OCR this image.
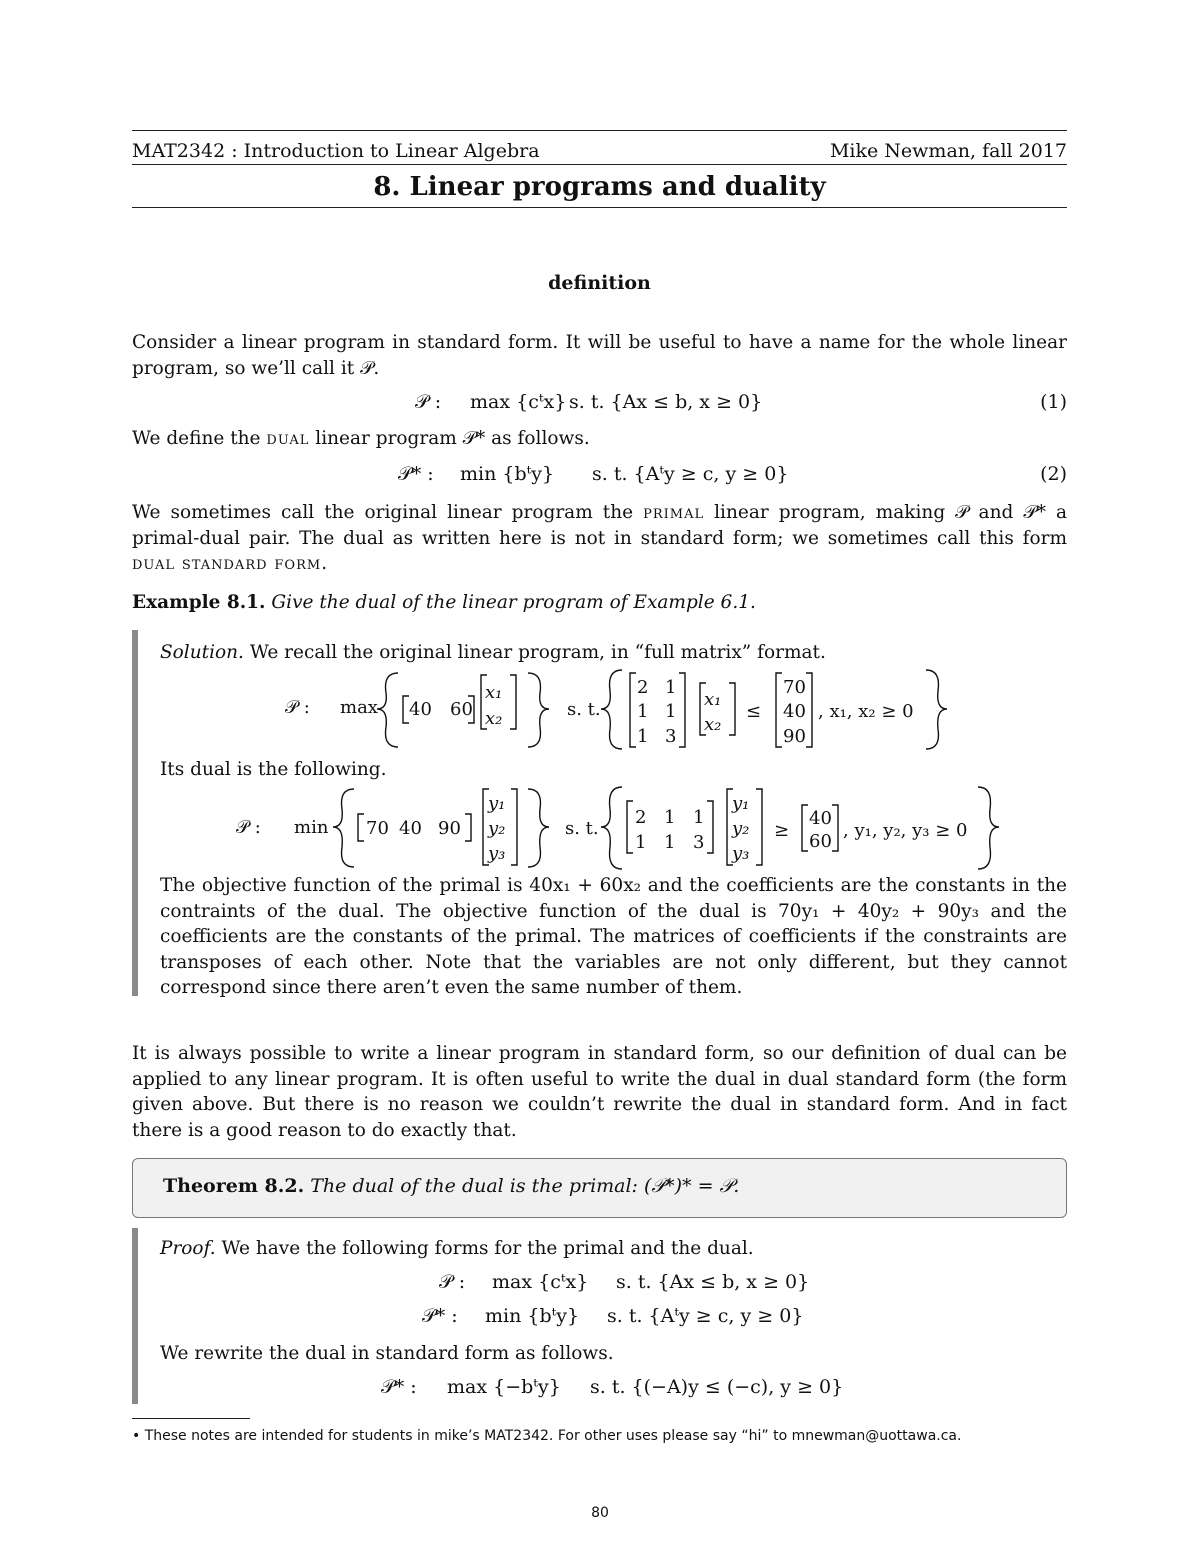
MAT2342 : Introduction to Linear Algebra	Mike Newman, fall 2017
8. Linear programs and duality
definition

Consider a linear program in standard form. It will be useful to have a name for the whole linear program, so we’ll call it 𝒫.

𝒫 : max {cᵗx} s. t. {Ax ≤ b, x ≥ 0}	(1)

We define the dual linear program 𝒫* as follows.

𝒫* : min {bᵗy} s. t. {Aᵗy ≥ c, y ≥ 0}	(2)

We sometimes call the original linear program the primal linear program, making 𝒫 and 𝒫* a primal-dual pair. The dual as written here is not in standard form; we sometimes call this form dual standard form.

Example 8.1. Give the dual of the linear program of Example 6.1.

Solution. We recall the original linear program, in “full matrix” format.

𝒫 : max 40 60
x₁
x₂	s. t.
2 1
1 1
1 3
x₁
x₂
≤
70
40
90
, x₁, x₂ ≥ 0

Its dual is the following.

𝒫 : min 70 40 90
y₁
y₂
y₃
s. t.
2 1 1
1 1 3
y₁
y₂
y₃
≥
40
60
, y₁, y₂, y₃ ≥ 0

The objective function of the primal is 40x₁ + 60x₂ and the coefficients are the constants in the contraints of the dual. The objective function of the dual is 70y₁ + 40y₂ + 90y₃ and the coefficients are the constants of the primal. The matrices of coefficients if the constraints are transposes of each other. Note that the variables are not only different, but they cannot correspond since there aren’t even the same number of them.

It is always possible to write a linear program in standard form, so our definition of dual can be applied to any linear program. It is often useful to write the dual in dual standard form (the form given above. But there is no reason we couldn’t rewrite the dual in standard form. And in fact there is a good reason to do exactly that.

Theorem 8.2. The dual of the dual is the primal: (𝒫*)* = 𝒫.

Proof. We have the following forms for the primal and the dual.

𝒫 : max {cᵗx} s. t. {Ax ≤ b, x ≥ 0}
𝒫* : min {bᵗy} s. t. {Aᵗy ≥ c, y ≥ 0}

We rewrite the dual in standard form as follows.

𝒫* : max {−bᵗy} s. t. {(−A)y ≤ (−c), y ≥ 0}
• These notes are intended for students in mike’s MAT2342. For other uses please say “hi” to mnewman@uottawa.ca.
80
